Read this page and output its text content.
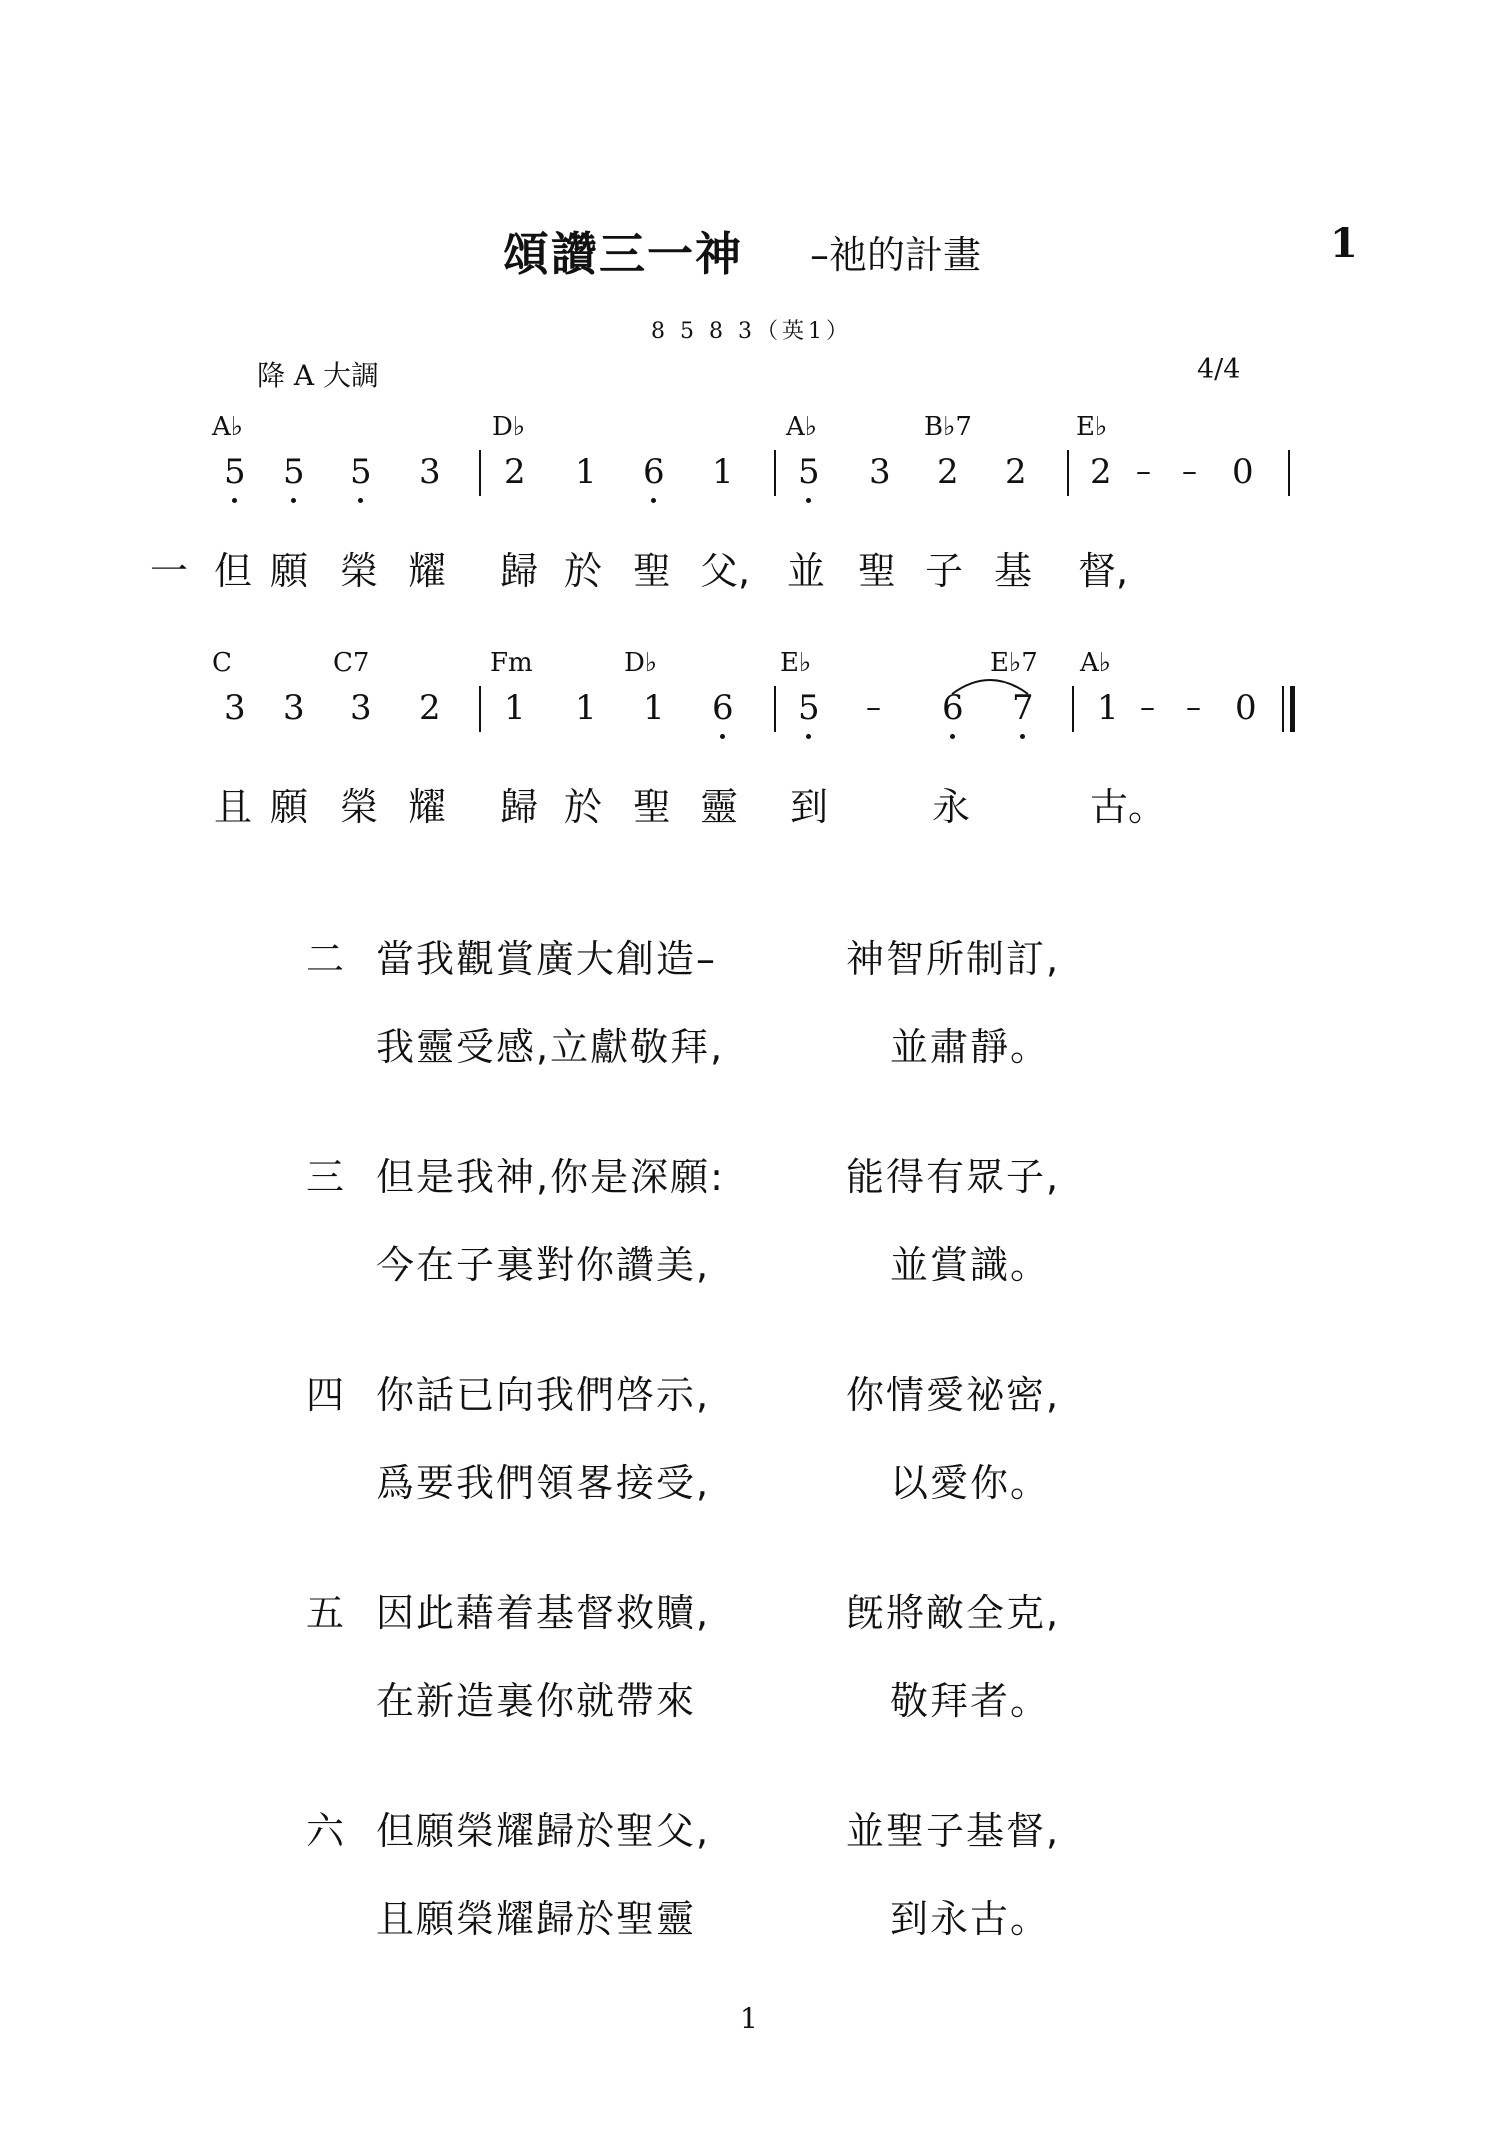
頌讚三一神 –祂的計畫	1
8 5 8 3（英1）
降 A 大調	4/4
A♭	D♭	A♭	B♭7	E♭
5 5 5 3 2 1 6 1 5 3 2 2 2 – – 0
一 但 願 榮 耀 歸 於 聖 父, 並 聖 子 基 督,
C	C7	Fm	D♭	E♭	E♭7 A♭
3 3 3 2 1 1 1 6 5 – 6 7 1 – – 0
且 願 榮 耀 歸 於 聖 靈 到	永	古。
二 當我觀賞廣大創造–	神智所制訂,
我靈受感,立獻敬拜,	並肅靜。
三 但是我神,你是深願:	能得有眾子,
今在子裏對你讚美,	並賞識。
四 你話已向我們啓示,	你情愛祕密,
爲要我們領畧接受,	以愛你。
五 因此藉着基督救贖,	旣將敵全克,
在新造裏你就帶來	敬拜者。
六 但願榮耀歸於聖父,	並聖子基督,
且願榮耀歸於聖靈	到永古。
1
